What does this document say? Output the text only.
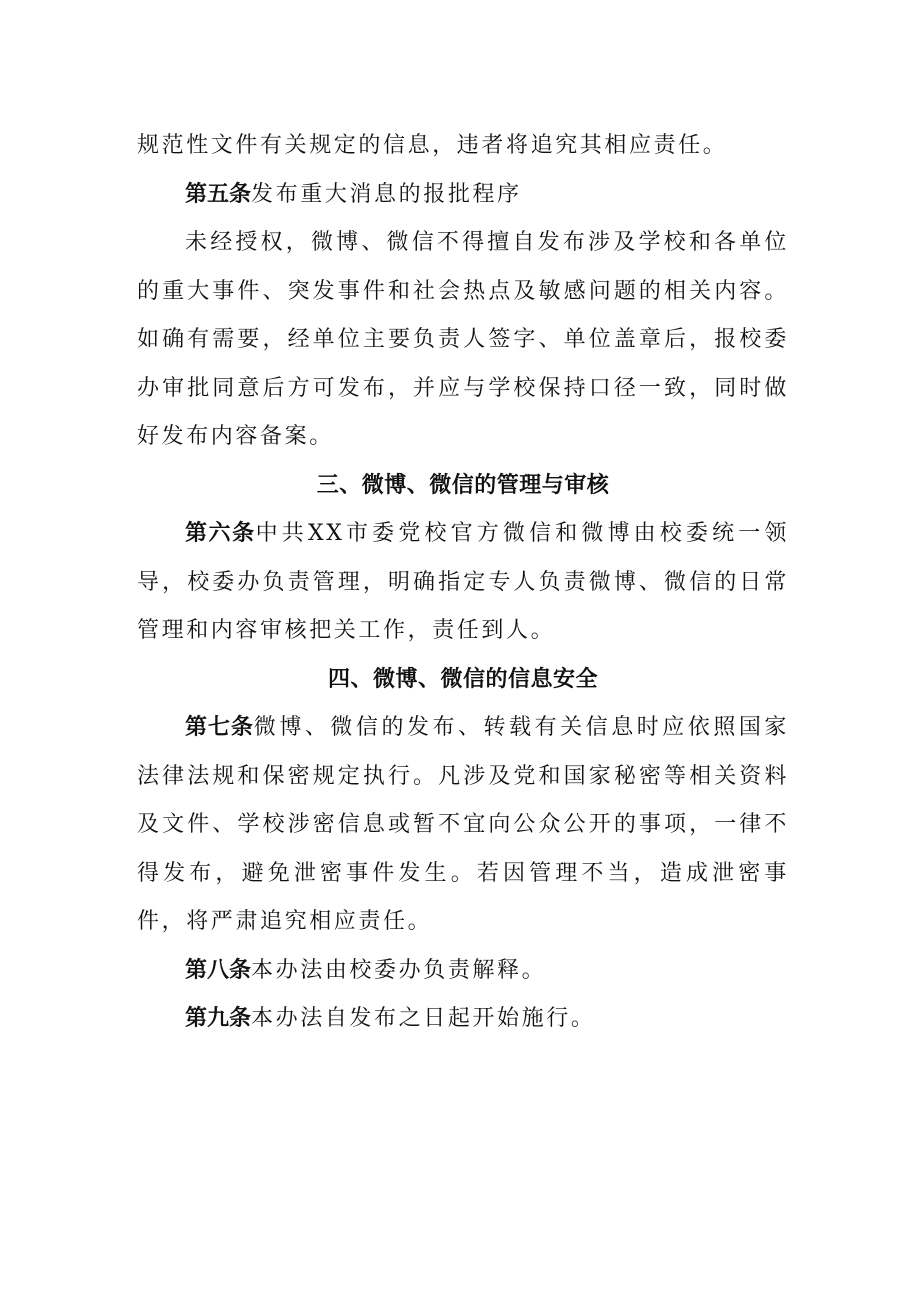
规范性文件有关规定的信息，违者将追究其相应责任。

第五条发布重大消息的报批程序

未经授权，微博、微信不得擅自发布涉及学校和各单位的重大事件、突发事件和社会热点及敏感问题的相关内容。如确有需要，经单位主要负责人签字、单位盖章后，报校委办审批同意后方可发布，并应与学校保持口径一致，同时做好发布内容备案。

三、微博、微信的管理与审核

第六条中共XX市委党校官方微信和微博由校委统一领导，校委办负责管理，明确指定专人负责微博、微信的日常管理和内容审核把关工作，责任到人。

四、微博、微信的信息安全

第七条微博、微信的发布、转载有关信息时应依照国家法律法规和保密规定执行。凡涉及党和国家秘密等相关资料及文件、学校涉密信息或暂不宜向公众公开的事项，一律不得发布，避免泄密事件发生。若因管理不当，造成泄密事件，将严肃追究相应责任。

第八条本办法由校委办负责解释。

第九条本办法自发布之日起开始施行。
